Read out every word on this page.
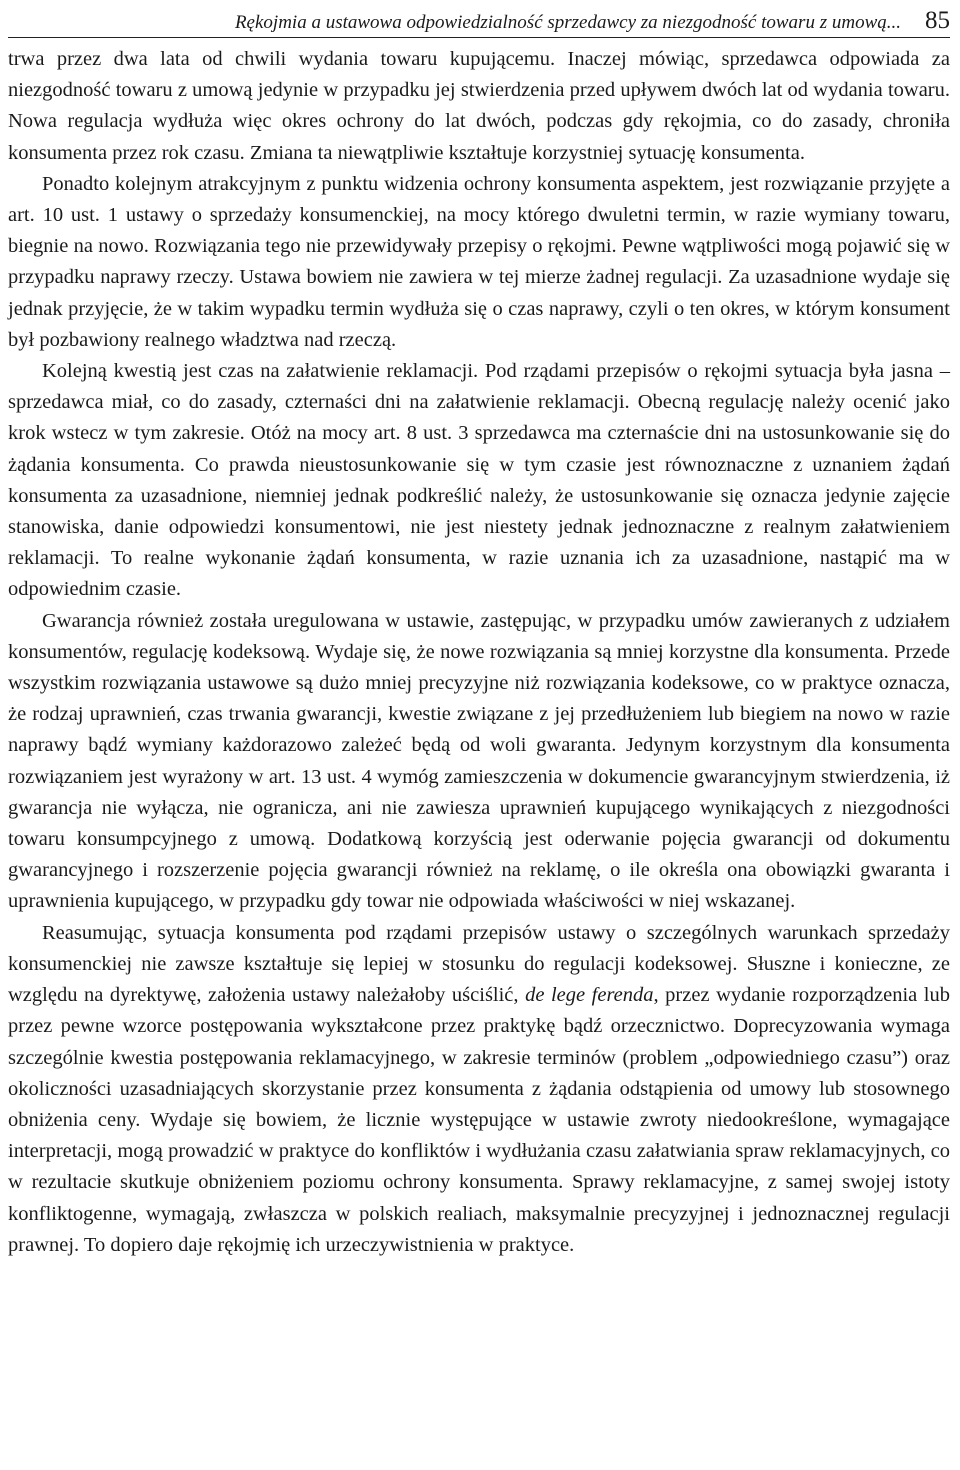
Rękojmia a ustawowa odpowiedzialność sprzedawcy za niezgodność towaru z umową... 85

trwa przez dwa lata od chwili wydania towaru kupującemu. Inaczej mówiąc, sprzedawca odpowiada za niezgodność towaru z umową jedynie w przypadku jej stwierdzenia przed upływem dwóch lat od wydania towaru. Nowa regulacja wydłuża więc okres ochrony do lat dwóch, podczas gdy rękojmia, co do zasady, chroniła konsumenta przez rok czasu. Zmiana ta niewątpliwie kształtuje korzystniej sytuację konsumenta.

Ponadto kolejnym atrakcyjnym z punktu widzenia ochrony konsumenta aspektem, jest rozwiązanie przyjęte a art. 10 ust. 1 ustawy o sprzedaży konsumenckiej, na mocy którego dwuletni termin, w razie wymiany towaru, biegnie na nowo. Rozwiązania tego nie przewidywały przepisy o rękojmi. Pewne wątpliwości mogą pojawić się w przypadku naprawy rzeczy. Ustawa bowiem nie zawiera w tej mierze żadnej regulacji. Za uzasadnione wydaje się jednak przyjęcie, że w takim wypadku termin wydłuża się o czas naprawy, czyli o ten okres, w którym konsument był pozbawiony realnego władztwa nad rzeczą.

Kolejną kwestią jest czas na załatwienie reklamacji. Pod rządami przepisów o rękojmi sytuacja była jasna – sprzedawca miał, co do zasady, czternaści dni na załatwienie reklamacji. Obecną regulację należy ocenić jako krok wstecz w tym zakresie. Otóż na mocy art. 8 ust. 3 sprzedawca ma czternaście dni na ustosunkowanie się do żądania konsumenta. Co prawda nieustosunkowanie się w tym czasie jest równoznaczne z uznaniem żądań konsumenta za uzasadnione, niemniej jednak podkreślić należy, że ustosunkowanie się oznacza jedynie zajęcie stanowiska, danie odpowiedzi konsumentowi, nie jest niestety jednak jednoznaczne z realnym załatwieniem reklamacji. To realne wykonanie żądań konsumenta, w razie uznania ich za uzasadnione, nastąpić ma w odpowiednim czasie.

Gwarancja również została uregulowana w ustawie, zastępując, w przypadku umów zawieranych z udziałem konsumentów, regulację kodeksową. Wydaje się, że nowe rozwiązania są mniej korzystne dla konsumenta. Przede wszystkim rozwiązania ustawowe są dużo mniej precyzyjne niż rozwiązania kodeksowe, co w praktyce oznacza, że rodzaj uprawnień, czas trwania gwarancji, kwestie związane z jej przedłużeniem lub biegiem na nowo w razie naprawy bądź wymiany każdorazowo zależeć będą od woli gwaranta. Jedynym korzystnym dla konsumenta rozwiązaniem jest wyrażony w art. 13 ust. 4 wymóg zamieszczenia w dokumencie gwarancyjnym stwierdzenia, iż gwarancja nie wyłącza, nie ogranicza, ani nie zawiesza uprawnień kupującego wynikających z niezgodności towaru konsumpcyjnego z umową. Dodatkową korzyścią jest oderwanie pojęcia gwarancji od dokumentu gwarancyjnego i rozszerzenie pojęcia gwarancji również na reklamę, o ile określa ona obowiązki gwaranta i uprawnienia kupującego, w przypadku gdy towar nie odpowiada właściwości w niej wskazanej.

Reasumując, sytuacja konsumenta pod rządami przepisów ustawy o szczególnych warunkach sprzedaży konsumenckiej nie zawsze kształtuje się lepiej w stosunku do regulacji kodeksowej. Słuszne i konieczne, ze względu na dyrektywę, założenia ustawy należałoby uściślić, de lege ferenda, przez wydanie rozporządzenia lub przez pewne wzorce postępowania wykształcone przez praktykę bądź orzecznictwo. Doprecyzowania wymaga szczególnie kwestia postępowania reklamacyjnego, w zakresie terminów (problem „odpowiedniego czasu”) oraz okoliczności uzasadniających skorzystanie przez konsumenta z żądania odstąpienia od umowy lub stosownego obniżenia ceny. Wydaje się bowiem, że licznie występujące w ustawie zwroty niedookreślone, wymagające interpretacji, mogą prowadzić w praktyce do konfliktów i wydłużania czasu załatwiania spraw reklamacyjnych, co w rezultacie skutkuje obniżeniem poziomu ochrony konsumenta. Sprawy reklamacyjne, z samej swojej istoty konfliktogenne, wymagają, zwłaszcza w polskich realiach, maksymalnie precyzyjnej i jednoznacznej regulacji prawnej. To dopiero daje rękojmię ich urzeczywistnienia w praktyce.
